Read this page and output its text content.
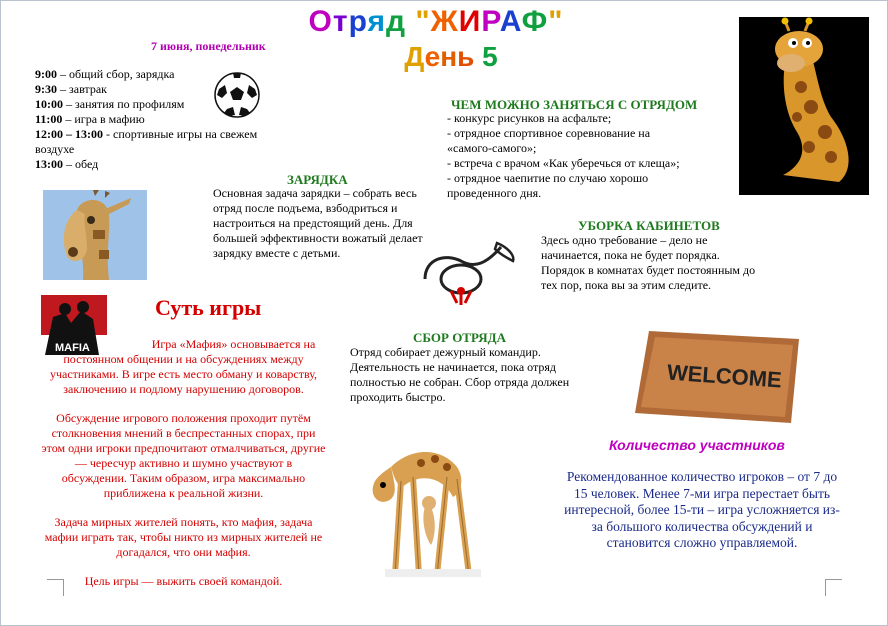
Отряд "ЖИРАФ"
День 5
7 июня, понедельник
9:00 – общий сбор, зарядка
9:30 – завтрак
10:00 – занятия по профилям
11:00 – игра в мафию
12:00 – 13:00 - спортивные игры на свежем воздухе
13:00 – обед
ЧЕМ МОЖНО ЗАНЯТЬСЯ С ОТРЯДОМ
- конкурс рисунков на асфальте;
- отрядное спортивное соревнование на «самого-самого»;
- встреча с врачом «Как уберечься от клеща»;
- отрядное чаепитие по случаю хорошо проведенного дня.
ЗАРЯДКА
Основная задача зарядки – собрать весь отряд после подъема, взбодриться и настроиться на предстоящий день. Для большей эффективности вожатый делает зарядку вместе с детьми.
УБОРКА КАБИНЕТОВ
Здесь одно требование – дело не начинается, пока не будет порядка. Порядок в комнатах будет постоянным до тех пор, пока вы за этим следите.
MAFIA
Суть игры
Игра «Мафия» основывается на постоянном общении и на обсуждениях между участниками. В игре есть место обману и коварству, заключению и подлому нарушению договоров.
Обсуждение игрового положения проходит путём столкновения мнений в беспрестанных спорах, при этом одни игроки предпочитают отмалчиваться, другие — чересчур активно и шумно участвуют в обсуждении. Таким образом, игра максимально приближена к реальной жизни.
Задача мирных жителей понять, кто мафия, задача мафии играть так, чтобы никто из мирных жителей не догадался, что они мафия.
Цель игры — выжить своей командой.
СБОР ОТРЯДА
Отряд собирает дежурный командир. Деятельность не начинается, пока отряд полностью не собран. Сбор отряда должен проходить быстро.
WELCOME
Количество участников
Рекомендованное количество игроков – от 7 до 15 человек. Менее 7-ми игра перестает быть интересной, более 15-ти – игра усложняется из-за большого количества обсуждений и становится сложно управляемой.
